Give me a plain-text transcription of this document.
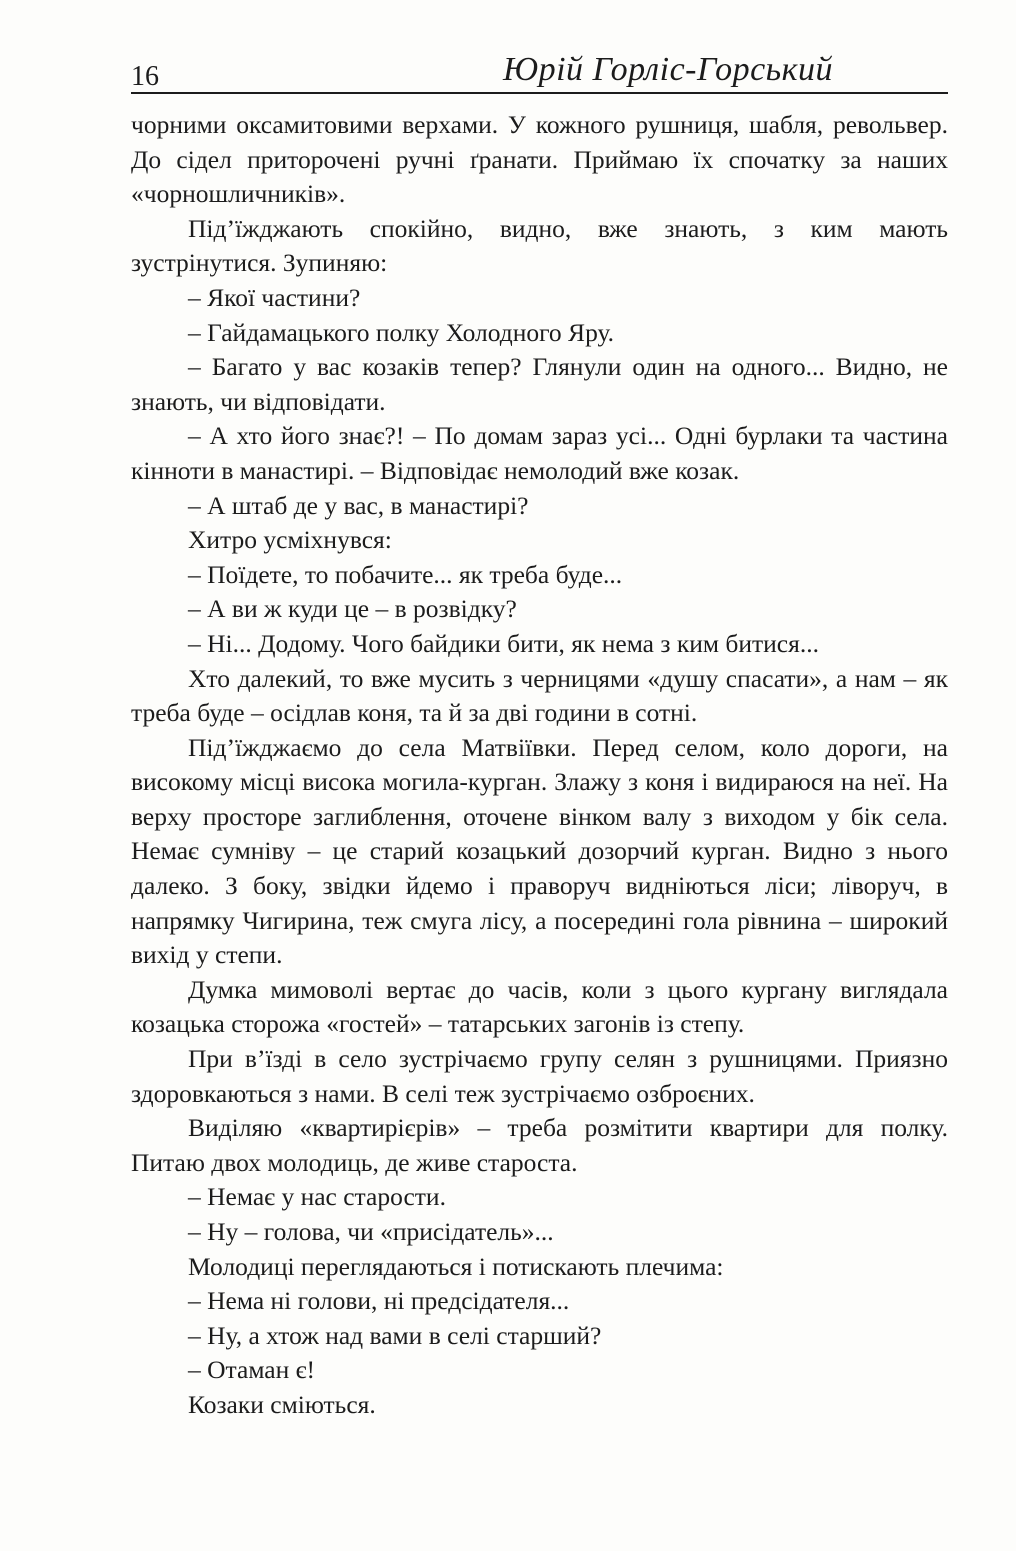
16	Юрій Горліс-Горський

чорними оксамитовими верхами. У кожного рушниця, шабля, револьвер. До сідел приторочені ручні ґранати. Приймаю їх спочатку за наших «чорношличників».

Під’їжджають спокійно, видно, вже знають, з ким мають зустрінутися. Зупиняю:

– Якої частини?

– Гайдамацького полку Холодного Яру.

– Багато у вас козаків тепер? Глянули один на одного... Видно, не знають, чи відповідати.

– А хто його знає?! – По домам зараз усі... Одні бурлаки та частина кінноти в манастирі. – Відповідає немолодий вже козак.

– А штаб де у вас, в манастирі?

Хитро усміхнувся:

– Поїдете, то побачите... як треба буде...

– А ви ж куди це – в розвідку?

– Ні... Додому. Чого байдики бити, як нема з ким битися...

Хто далекий, то вже мусить з черницями «душу спасати», а нам – як треба буде – осідлав коня, та й за дві години в сотні.

Під’їжджаємо до села Матвіївки. Перед селом, коло дороги, на високому місці висока могила-курган. Злажу з коня і видираюся на неї. На верху просторе заглиблення, оточене вінком валу з виходом у бік села. Немає сумніву – це старий козацький дозорчий курган. Видно з нього далеко. З боку, звідки йдемо і праворуч видніються ліси; ліворуч, в напрямку Чигирина, теж смуга лісу, а посередині гола рівнина – широкий вихід у степи.

Думка мимоволі вертає до часів, коли з цього кургану виглядала козацька сторожа «гостей» – татарських загонів із степу.

При в’їзді в село зустрічаємо групу селян з рушницями. Приязно здоровкаються з нами. В селі теж зустрічаємо озброєних.

Виділяю «квартирієрів» – треба розмітити квартири для полку. Питаю двох молодиць, де живе староста.

– Немає у нас старости.

– Ну – голова, чи «присідатель»...

Молодиці переглядаються і потискають плечима:

– Нема ні голови, ні предсідателя...

– Ну, а хтож над вами в селі старший?

– Отаман є!

Козаки сміються.
